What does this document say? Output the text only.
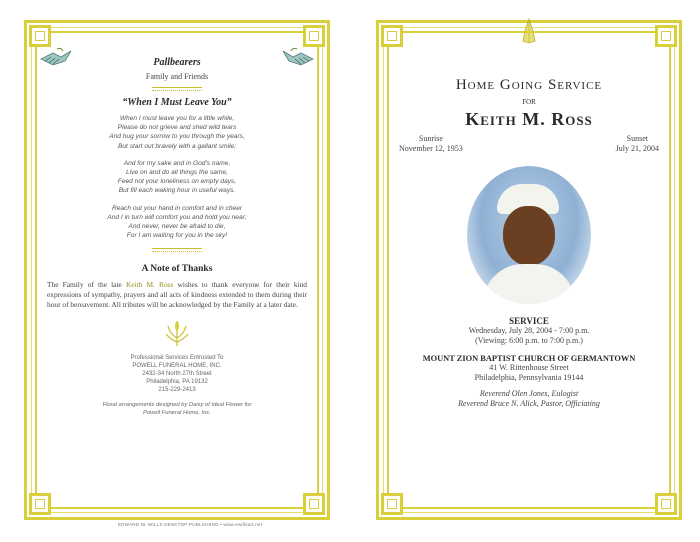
Pallbearers
Family and Friends
“When I Must Leave You”
When I must leave you for a little while,
Please do not grieve and shed wild tears
And hug your sorrow to you through the years,
But start out bravely with a gallant smile;
And for my sake and in God’s name,
Live on and do all things the same,
Feed not your loneliness on empty days,
But fill each waking hour in useful ways.
Reach out your hand in comfort and in cheer
And I in turn will comfort you and hold you near;
And never, never be afraid to die,
For I am waiting for you in the sky!
A Note of Thanks
The Family of the late Keith M. Ross wishes to thank everyone for their kind expressions of sympathy, prayers and all acts of kindness extended to them during their hour of bereavement. All tributes will be acknowledged by the Family at a later date.
Professional Services Entrusted To
POWELL FUNERAL HOME, INC.
2432-34 North 27th Street
Philadelphia, PA 19132
215-229-2413
Floral arrangements designed by Daisy of Ideal Flower for
Powell Funeral Home, Inc.
Home Going Service
for
Keith M. Ross
Sunrise
November 12, 1953
Sunset
July 21, 2004
SERVICE
Wednesday, July 28, 2004 - 7:00 p.m.
(Viewing: 6:00 p.m. to 7:00 p.m.)
MOUNT ZION BAPTIST CHURCH OF GERMANTOWN
41 W. Rittenhouse Street
Philadelphia, Pennsylvania 19144
Reverend Olen Jones, Eulogist
Reverend Bruce N. Alick, Pastor, Officiating
EDWARD W. WILLS DESKTOP PUBLISHING • www.ewillsart.net
